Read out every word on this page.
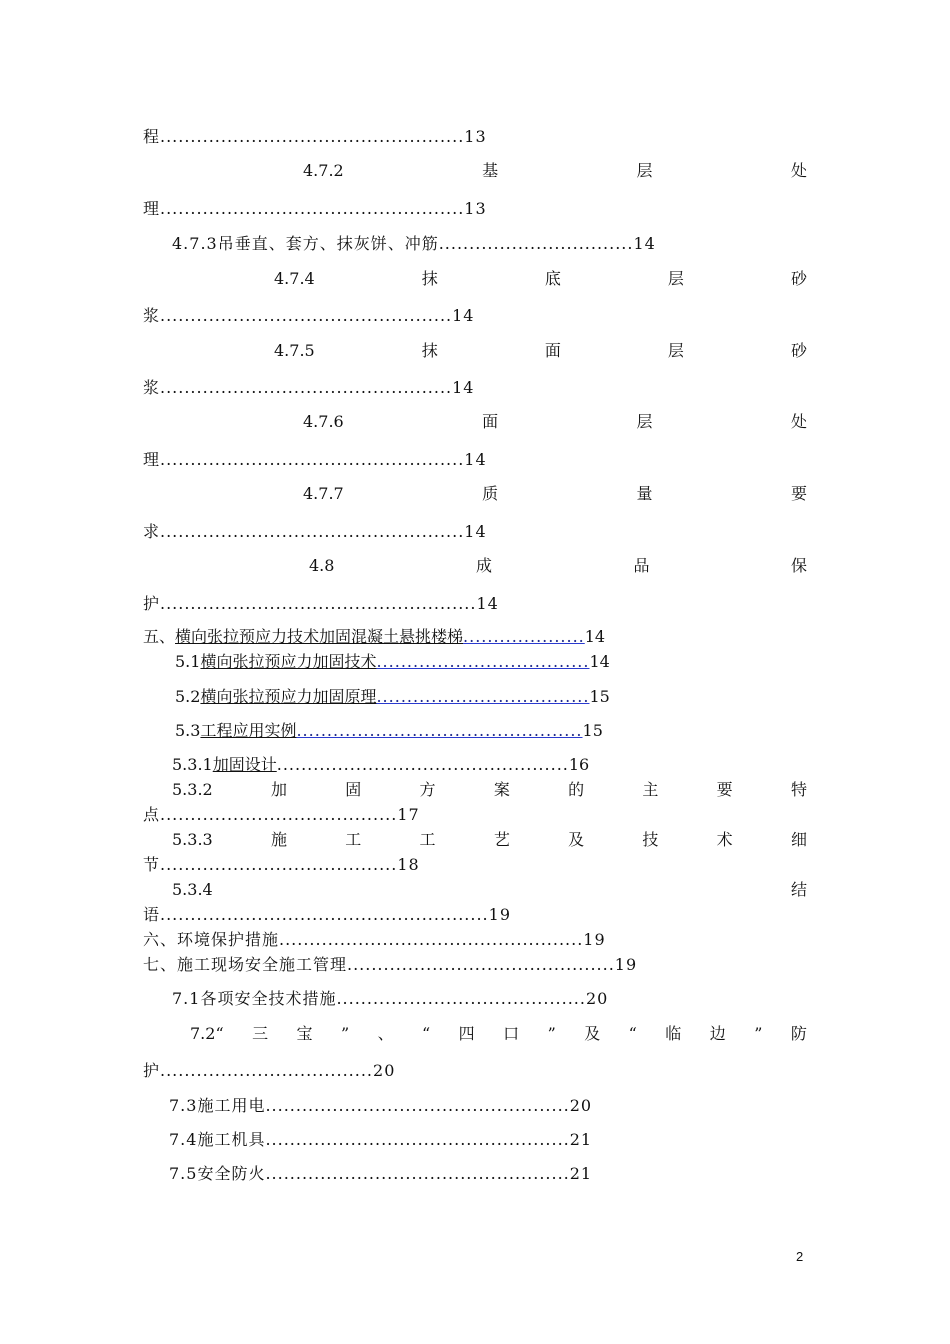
程..................................................13
4.7.2	基	层	处
理..................................................13
4.7.3吊垂直、套方、抹灰饼、冲筋................................14
4.7.4	抹	底	层	砂
浆................................................14
4.7.5	抹	面	层	砂
浆................................................14
4.7.6	面	层	处
理..................................................14
4.7.7	质	量	要
求..................................................14
4.8	成	品	保
护....................................................14
五、横向张拉预应力技术加固混凝土悬挑楼梯....................14
5.1横向张拉预应力加固技术...................................14
5.2横向张拉预应力加固原理...................................15
5.3工程应用实例...............................................15
5.3.1加固设计................................................16
5.3.2	加	固	方	案	的	主	要	特
点.......................................17
5.3.3	施	工	工	艺	及	技	术	细
节.......................................18
5.3.4	结
语......................................................19
六、环境保护措施..................................................19
七、施工现场安全施工管理............................................19
7.1各项安全技术措施.........................................20
7.2“ 三 宝 ” 、 “ 四 口 ” 及 “ 临 边 ” 防
护...................................20
7.3施工用电..................................................20
7.4施工机具..................................................21
7.5安全防火..................................................21
2
